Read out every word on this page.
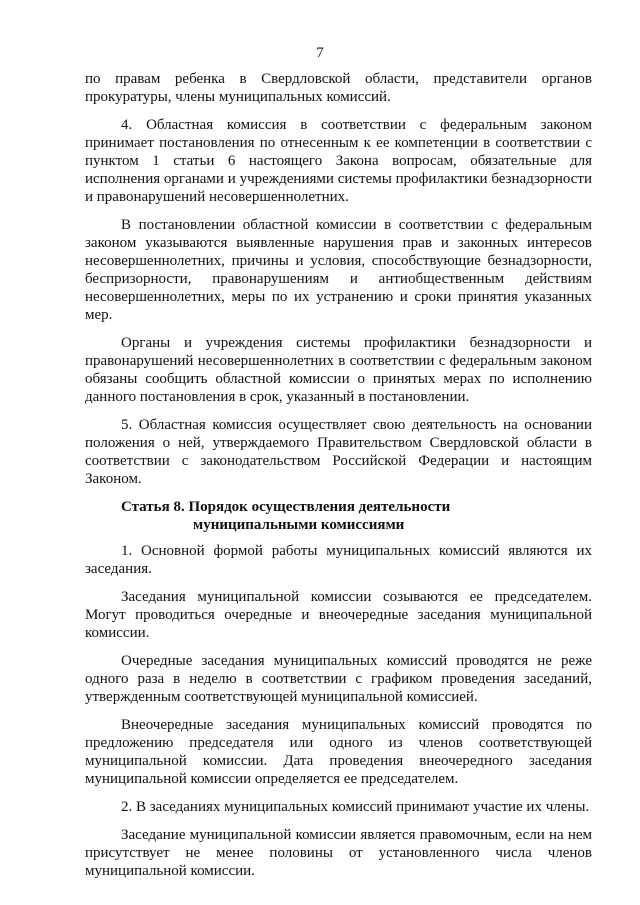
7

по правам ребенка в Свердловской области, представители органов прокуратуры, члены муниципальных комиссий.

4. Областная комиссия в соответствии с федеральным законом принимает постановления по отнесенным к ее компетенции в соответствии с пунктом 1 статьи 6 настоящего Закона вопросам, обязательные для исполнения органами и учреждениями системы профилактики безнадзорности и правонарушений несовершеннолетних.

В постановлении областной комиссии в соответствии с федеральным законом указываются выявленные нарушения прав и законных интересов несовершеннолетних, причины и условия, способствующие безнадзорности, беспризорности, правонарушениям и антиобщественным действиям несовершеннолетних, меры по их устранению и сроки принятия указанных мер.

Органы и учреждения системы профилактики безнадзорности и правонарушений несовершеннолетних в соответствии с федеральным законом обязаны сообщить областной комиссии о принятых мерах по исполнению данного постановления в срок, указанный в постановлении.

5. Областная комиссия осуществляет свою деятельность на основании положения о ней, утверждаемого Правительством Свердловской области в соответствии с законодательством Российской Федерации и настоящим Законом.

Статья 8. Порядок осуществления деятельности
муниципальными комиссиями

1. Основной формой работы муниципальных комиссий являются их заседания.

Заседания муниципальной комиссии созываются ее председателем. Могут проводиться очередные и внеочередные заседания муниципальной комиссии.

Очередные заседания муниципальных комиссий проводятся не реже одного раза в неделю в соответствии с графиком проведения заседаний, утвержденным соответствующей муниципальной комиссией.

Внеочередные заседания муниципальных комиссий проводятся по предложению председателя или одного из членов соответствующей муниципальной комиссии. Дата проведения внеочередного заседания муниципальной комиссии определяется ее председателем.

2. В заседаниях муниципальных комиссий принимают участие их члены.

Заседание муниципальной комиссии является правомочным, если на нем присутствует не менее половины от установленного числа членов муниципальной комиссии.
